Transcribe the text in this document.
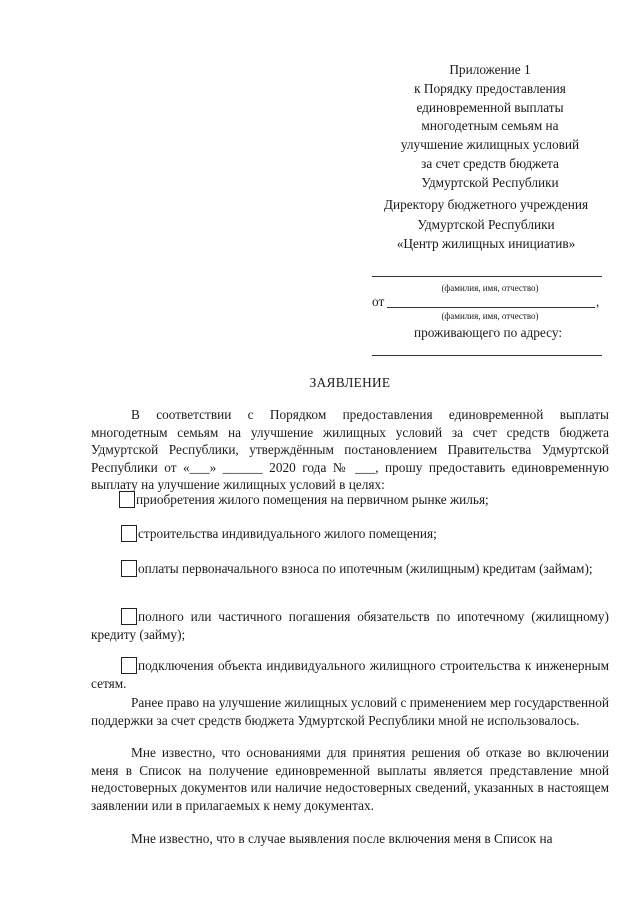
Приложение 1
к Порядку предоставления
единовременной выплаты
многодетным семьям на
улучшение жилищных условий
за счет средств бюджета
Удмуртской Республики
Директору бюджетного учреждения
Удмуртской Республики
«Центр жилищных инициатив»
(фамилия, имя, отчество)
от	,
(фамилия, имя, отчество)
проживающего по адресу:
ЗАЯВЛЕНИЕ

В соответствии с Порядком предоставления единовременной выплаты многодетным семьям на улучшение жилищных условий за счет средств бюджета Удмуртской Республики, утверждённым постановлением Правительства Удмуртской Республики от «___» ______ 2020 года № ___, прошу предоставить единовременную выплату на улучшение жилищных условий в целях:

приобретения жилого помещения на первичном рынке жилья;

строительства индивидуального жилого помещения;

оплаты первоначального взноса по ипотечным (жилищным) кредитам (займам);

полного или частичного погашения обязательств по ипотечному (жилищному) кредиту (займу);

подключения объекта индивидуального жилищного строительства к инженерным сетям.

Ранее право на улучшение жилищных условий с применением мер государственной поддержки за счет средств бюджета Удмуртской Республики мной не использовалось.

Мне известно, что основаниями для принятия решения об отказе во включении меня в Список на получение единовременной выплаты является представление мной недостоверных документов или наличие недостоверных сведений, указанных в настоящем заявлении или в прилагаемых к нему документах.

Мне известно, что в случае выявления после включения меня в Список на
